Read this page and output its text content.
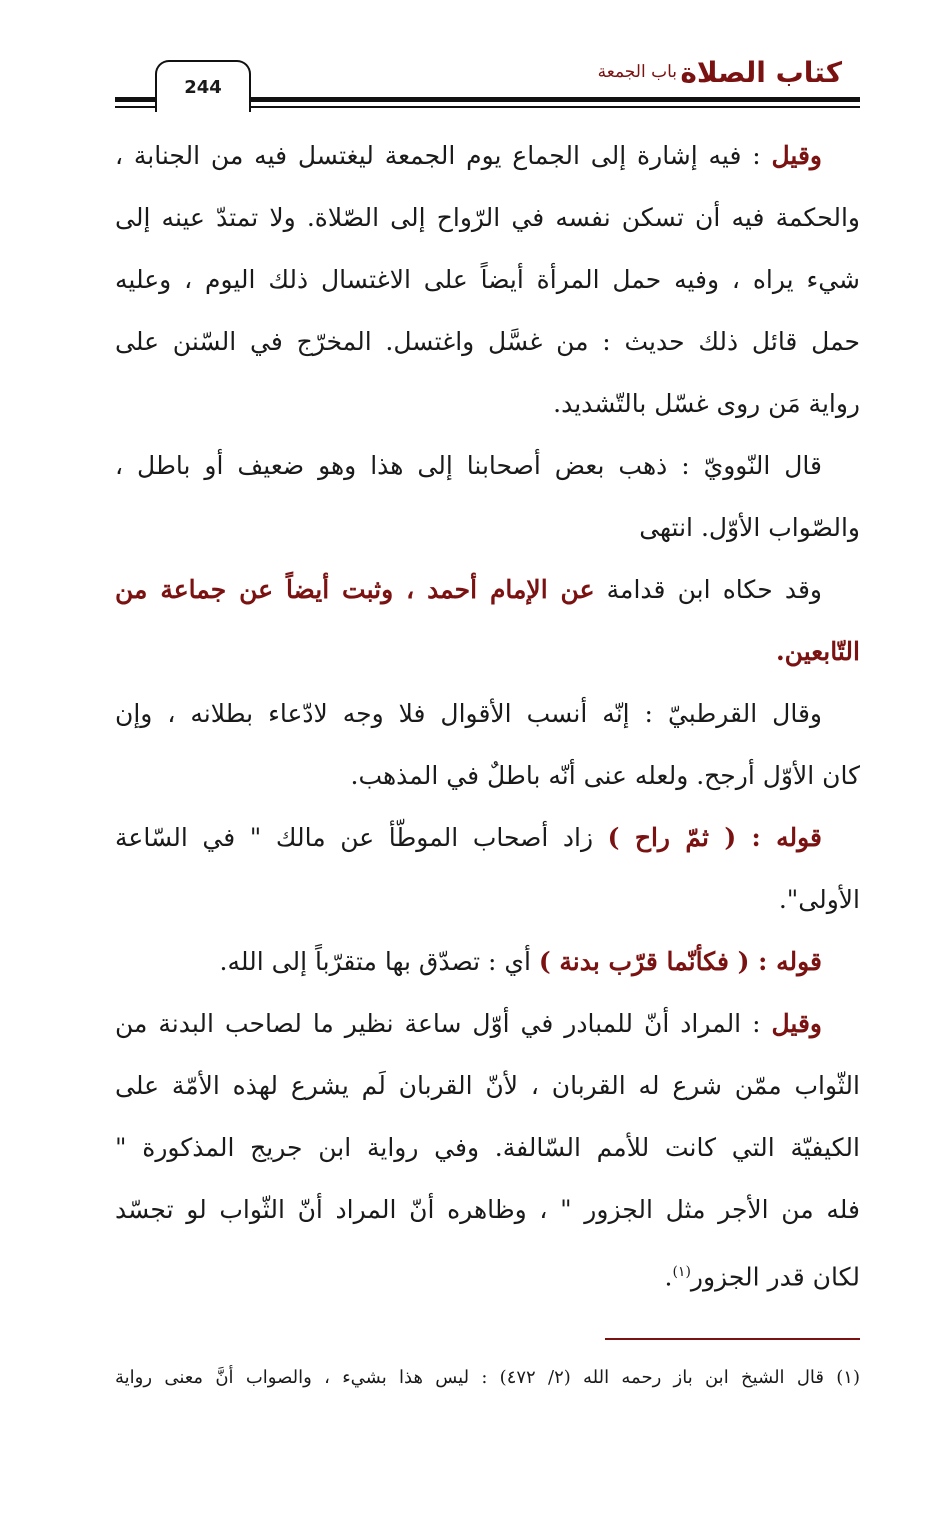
كتاب الصلاة
باب الجمعة
244
وقيل : فيه إشارة إلى الجماع يوم الجمعة ليغتسل فيه من الجنابة ،
والحكمة فيه أن تسكن نفسه في الرّواح إلى الصّلاة. ولا تمتدّ عينه إلى
شيء يراه ، وفيه حمل المرأة أيضاً على الاغتسال ذلك اليوم ، وعليه
حمل قائل ذلك حديث : من غسَّل واغتسل. المخرّج في السّنن على
رواية مَن روى غسّل بالتّشديد.
قال النّوويّ : ذهب بعض أصحابنا إلى هذا وهو ضعيف أو باطل ،
والصّواب الأوّل. انتهى
وقد حكاه ابن قدامة عن الإمام أحمد ، وثبت أيضاً عن جماعة من
التّابعين.
وقال القرطبيّ : إنّه أنسب الأقوال فلا وجه لادّعاء بطلانه ، وإن
كان الأوّل أرجح. ولعله عنى أنّه باطلٌ في المذهب.
قوله : ( ثمّ راح ) زاد أصحاب الموطّأ عن مالك " في السّاعة
الأولى".
قوله : ( فكأنّما قرّب بدنة ) أي : تصدّق بها متقرّباً إلى الله.
وقيل : المراد أنّ للمبادر في أوّل ساعة نظير ما لصاحب البدنة من
الثّواب ممّن شرع له القربان ، لأنّ القربان لَم يشرع لهذه الأمّة على
الكيفيّة التي كانت للأمم السّالفة. وفي رواية ابن جريج المذكورة "
فله من الأجر مثل الجزور " ، وظاهره أنّ المراد أنّ الثّواب لو تجسّد
لكان قدر الجزور$^{(١)}$.
(١) قال الشيخ ابن باز رحمه الله (٢/ ٤٧٢) : ليس هذا بشيء ، والصواب أنَّ معنى رواية
